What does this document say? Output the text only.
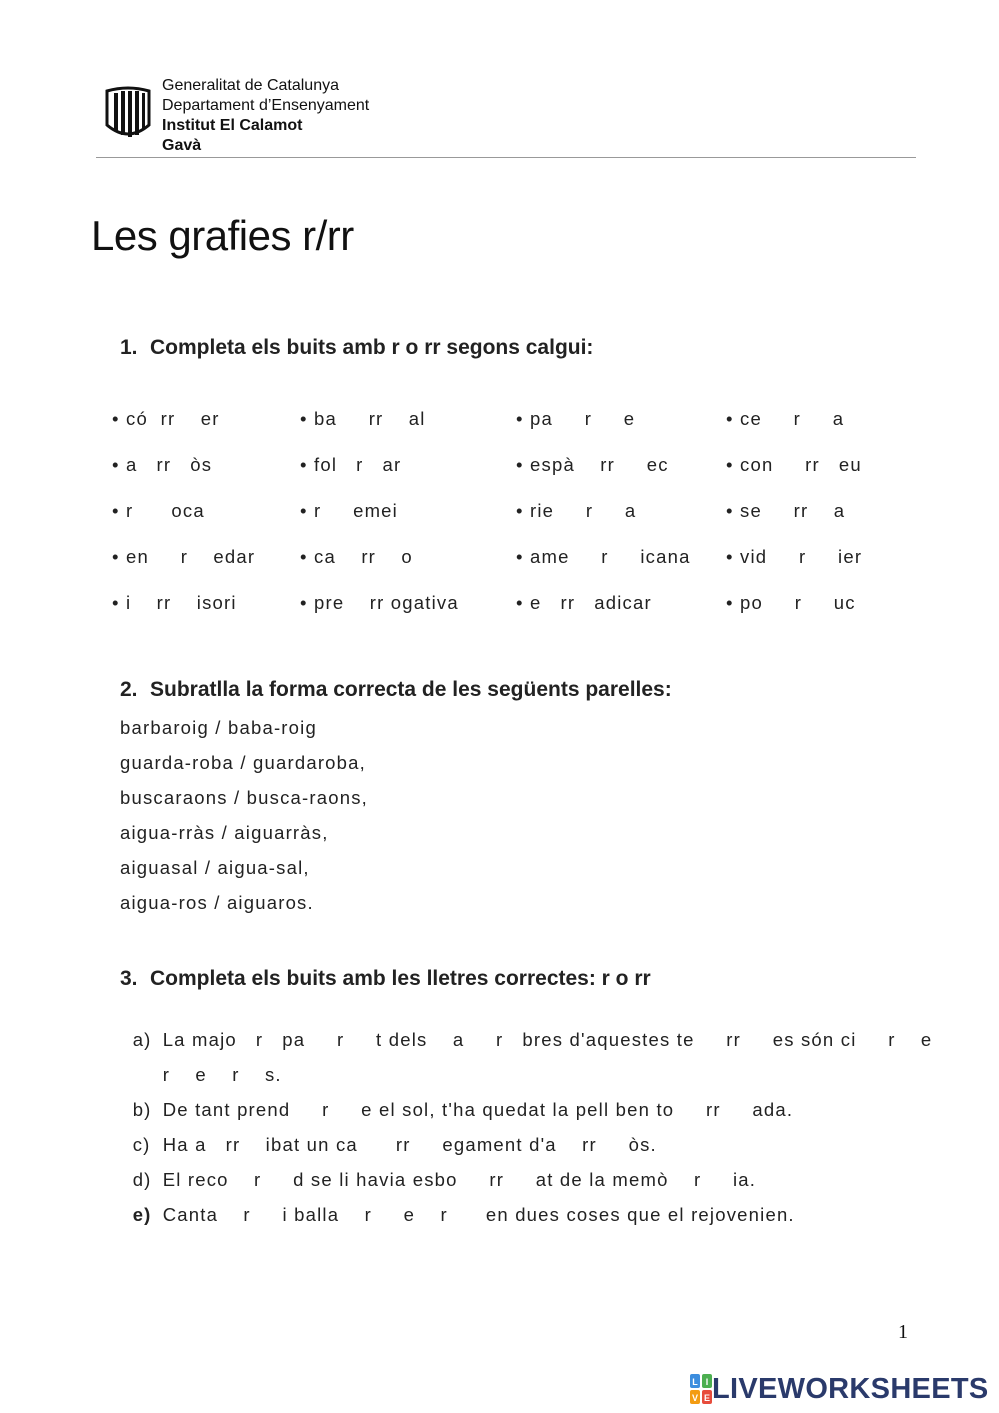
Generalitat de Catalunya
Departament d’Ensenyament
Institut El Calamot
Gavà
Les grafies r/rr
1. Completa els buits amb r o rr segons calgui:
• có  rr    er
• a   rr   òs
• r      oca
• en     r    edar
• i    rr    isori
• ba     rr    al
• fol   r   ar
• r     emei
• ca    rr    o
• pre    rr ogativa
• pa     r     e
• espà    rr     ec
• rie     r     a
• ame     r     icana
• e   rr   adicar
• ce     r     a
• con     rr   eu
• se     rr    a
• vid     r     ier
• po     r     uc
2. Subratlla la forma correcta de les següents parelles:
barbaroig / baba-roig
guarda-roba / guardaroba,
buscaraons / busca-raons,
aigua-rràs / aiguarràs,
aiguasal / aigua-sal,
aigua-ros / aiguaros.
3. Completa els buits amb les lletres correctes: r o rr

a) La majo   r   pa     r     t dels    a     r   bres d'aquestes te     rr     es són ci     r    e

r    e    r    s.

b) De tant prend     r     e el sol, t'ha quedat la pell ben to     rr     ada.

c) Ha a   rr    ibat un ca      rr     egament d'a    rr     òs.

d) El reco    r     d se li havia esbo     rr     at de la memò    r     ia.

e) Canta    r     i balla    r     e    r      en dues coses que el rejovenien.

1
L I
V E LIVEWORKSHEETS
